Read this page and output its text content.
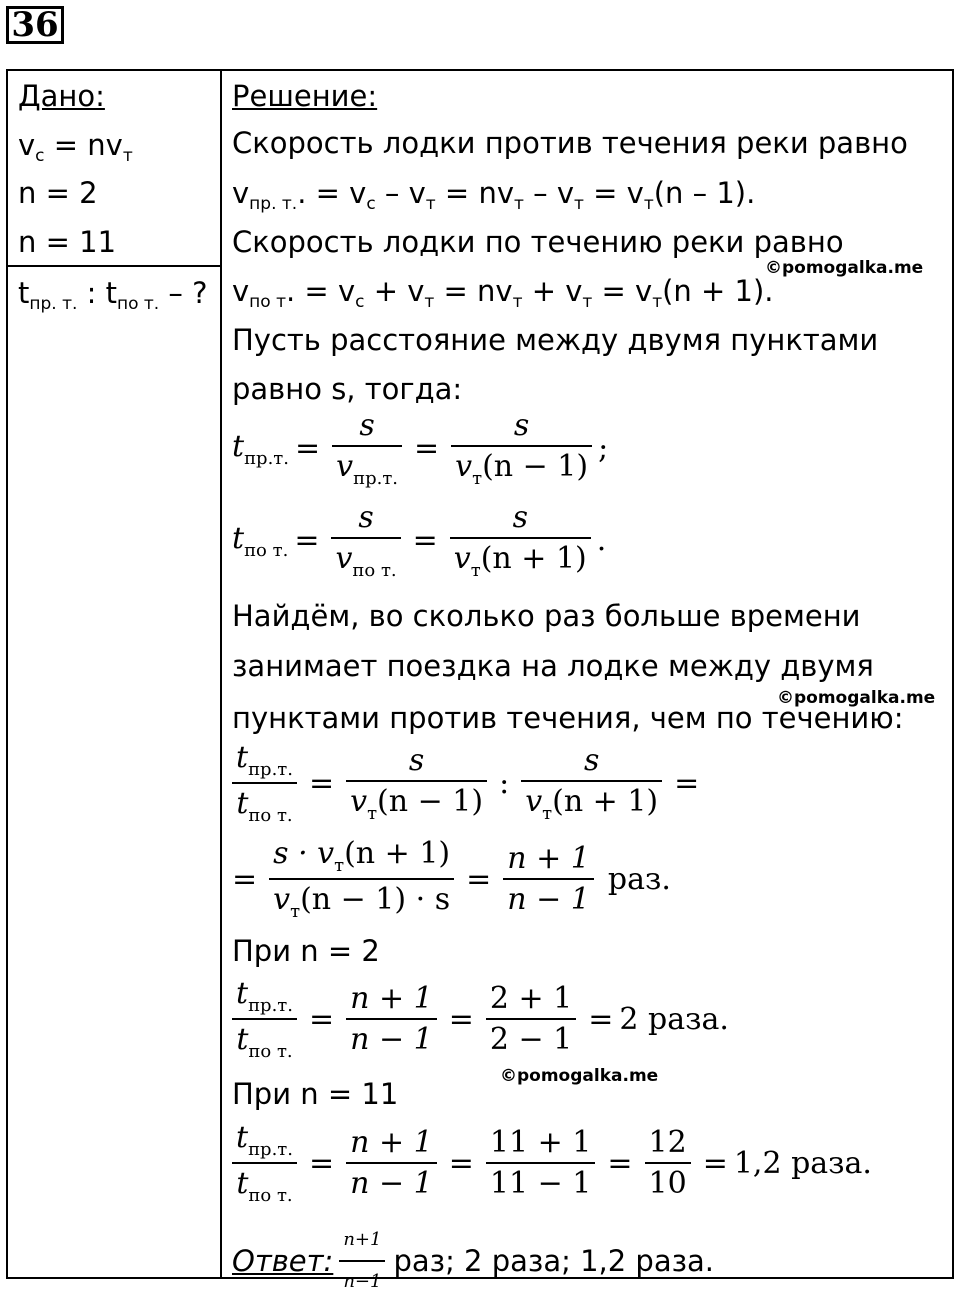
36
Дано:
$v_с = nv_т$
n = 2
n = 11
$t_{пр. т.}$ : $t_{по т.}$ – ?
Решение:
Скорость лодки против течения реки равно
$v_{пр. т.}$. = $v_с - v_т = nv_т - v_т = v_т(n - 1)$.
Скорость лодки по течению реки равно
©pomogalka.me
$v_{по т}$. = $v_с + v_т = nv_т + v_т = v_т(n + 1)$.
Пусть расстояние между двумя пунктами
равно s, тогда:
$t_{пр.т.} = \frac{s}{v_{пр.т.}} = \frac{s}{v_т(n - 1)}$ ;
$t_{по т.} = \frac{s}{v_{по т.}} = \frac{s}{v_т(n + 1)}$ .
Найдём, во сколько раз больше времени
занимает поездка на лодке между двумя
©pomogalka.me
пунктами против течения, чем по течению:
$\frac{t_{пр.т.}}{t_{по т.}} = \frac{s}{v_т(n - 1)}$ : $\frac{s}{v_т(n + 1)}$ =
= $\frac{s \cdot v_т(n + 1)}{v_т(n - 1) \cdot s} = \frac{n + 1}{n - 1}$ раз.
При n = 2
$\frac{t_{пр.т.}}{t_{по т.}} = \frac{n + 1}{n - 1} = \frac{2 + 1}{2 - 1} = 2$ раза.
©pomogalka.me
При n = 11
$\frac{t_{пр.т.}}{t_{по т.}} = \frac{n + 1}{n - 1} = \frac{11 + 1}{11 - 1} = \frac{12}{10} = 1,2$ раза.
Ответ: $\frac{n+1}{n-1}$ раз; 2 раза; 1,2 раза.
